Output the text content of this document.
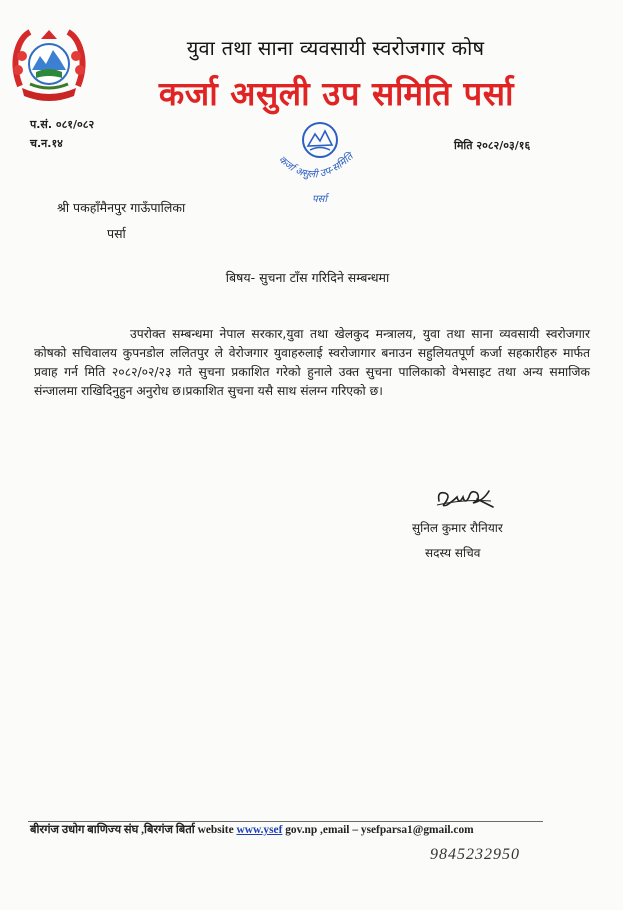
युवा तथा साना व्यवसायी स्वरोजगार कोष
कर्जा असुली उप समिति पर्सा
प.सं. ०८१/०८२
च.न.१४	मिति २०८२/०३/१६
कर्जा असुली उप-समिति
पर्सा
श्री पकहाँमैनपुर गाऊँपालिका
पर्सा
बिषय- सुचना टाँस गरिदिने सम्बन्धमा
उपरोक्त सम्बन्धमा नेपाल सरकार,युवा तथा खेलकुद मन्त्रालय, युवा तथा साना व्यवसायी स्वरोजगार कोषको सचिवालय कुपनडोल ललितपुर ले वेरोजगार युवाहरुलाई स्वरोजागार बनाउन सहुलियतपूर्ण कर्जा सहकारीहरु मार्फत प्रवाह गर्न मिति २०८२/०२/२३ गते सुचना प्रकाशित गरेको हुनाले उक्त सुचना पालिकाको वेभसाइट तथा अन्य समाजिक संन्जालमा राखिदिनुहुन अनुरोध छ।प्रकाशित सुचना यसै साथ संलग्न गरिएको छ।
सुनिल कुमार रौनियार
सदस्य सचिव
बीरगंज उधोग बाणिज्य संघ ,बिरगंज बिर्ता website www.ysef gov.np ,email – ysefparsa1@gmail.com
9845232950
